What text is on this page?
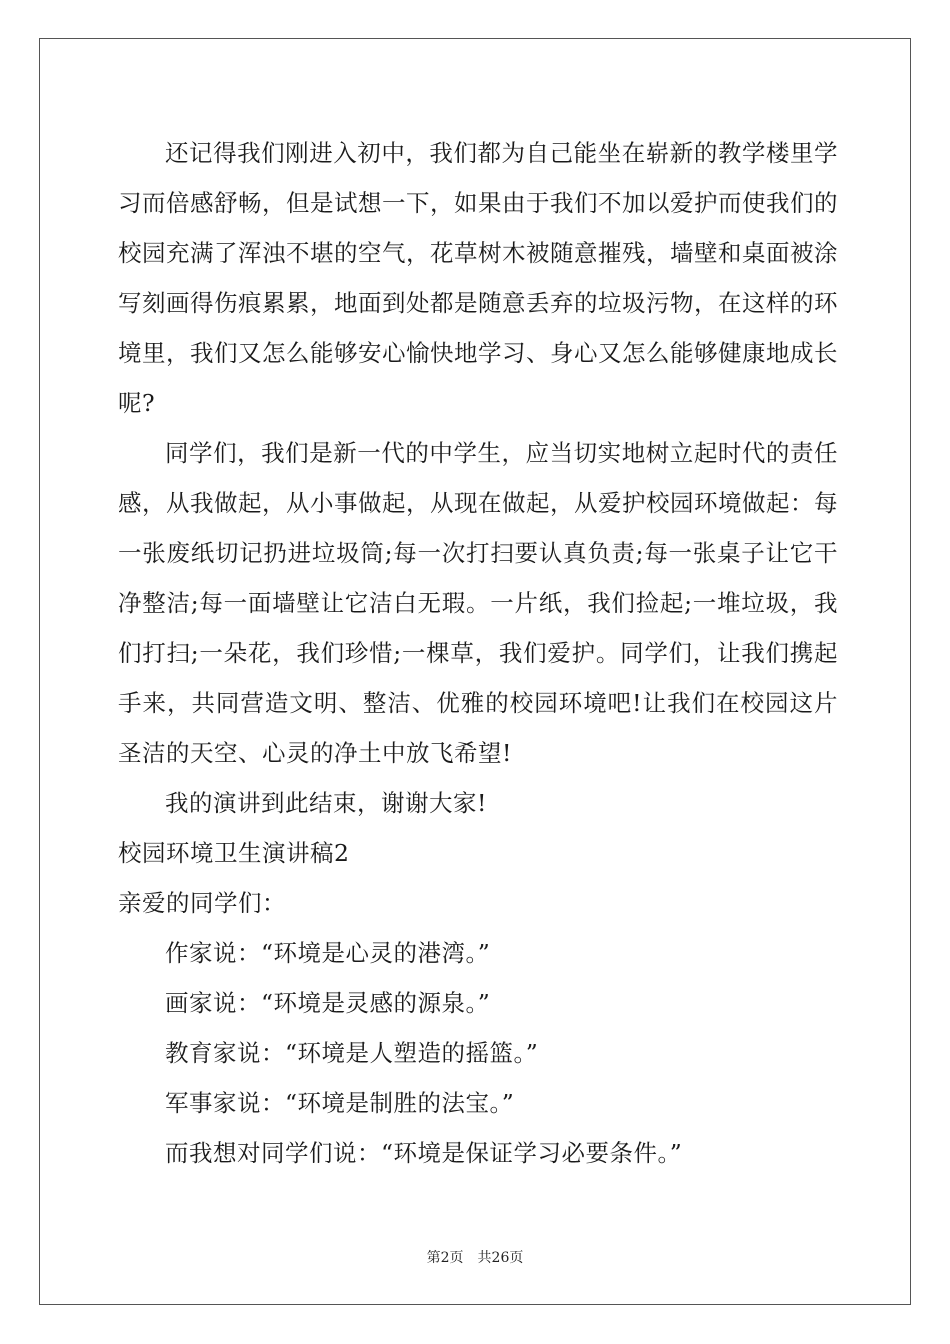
还记得我们刚进入初中，我们都为自己能坐在崭新的教学楼里学习而倍感舒畅，但是试想一下，如果由于我们不加以爱护而使我们的校园充满了浑浊不堪的空气，花草树木被随意摧残，墙壁和桌面被涂写刻画得伤痕累累，地面到处都是随意丢弃的垃圾污物，在这样的环境里，我们又怎么能够安心愉快地学习、身心又怎么能够健康地成长呢?

同学们，我们是新一代的中学生，应当切实地树立起时代的责任感，从我做起，从小事做起，从现在做起，从爱护校园环境做起：每一张废纸切记扔进垃圾筒;每一次打扫要认真负责;每一张桌子让它干净整洁;每一面墙壁让它洁白无瑕。一片纸，我们捡起;一堆垃圾，我们打扫;一朵花，我们珍惜;一棵草，我们爱护。同学们，让我们携起手来，共同营造文明、整洁、优雅的校园环境吧!让我们在校园这片圣洁的天空、心灵的净土中放飞希望!

我的演讲到此结束，谢谢大家!

校园环境卫生演讲稿2

亲爱的同学们：

作家说：“环境是心灵的港湾。”

画家说：“环境是灵感的源泉。”

教育家说：“环境是人塑造的摇篮。”

军事家说：“环境是制胜的法宝。”

而我想对同学们说：“环境是保证学习必要条件。”

第2页 共26页
